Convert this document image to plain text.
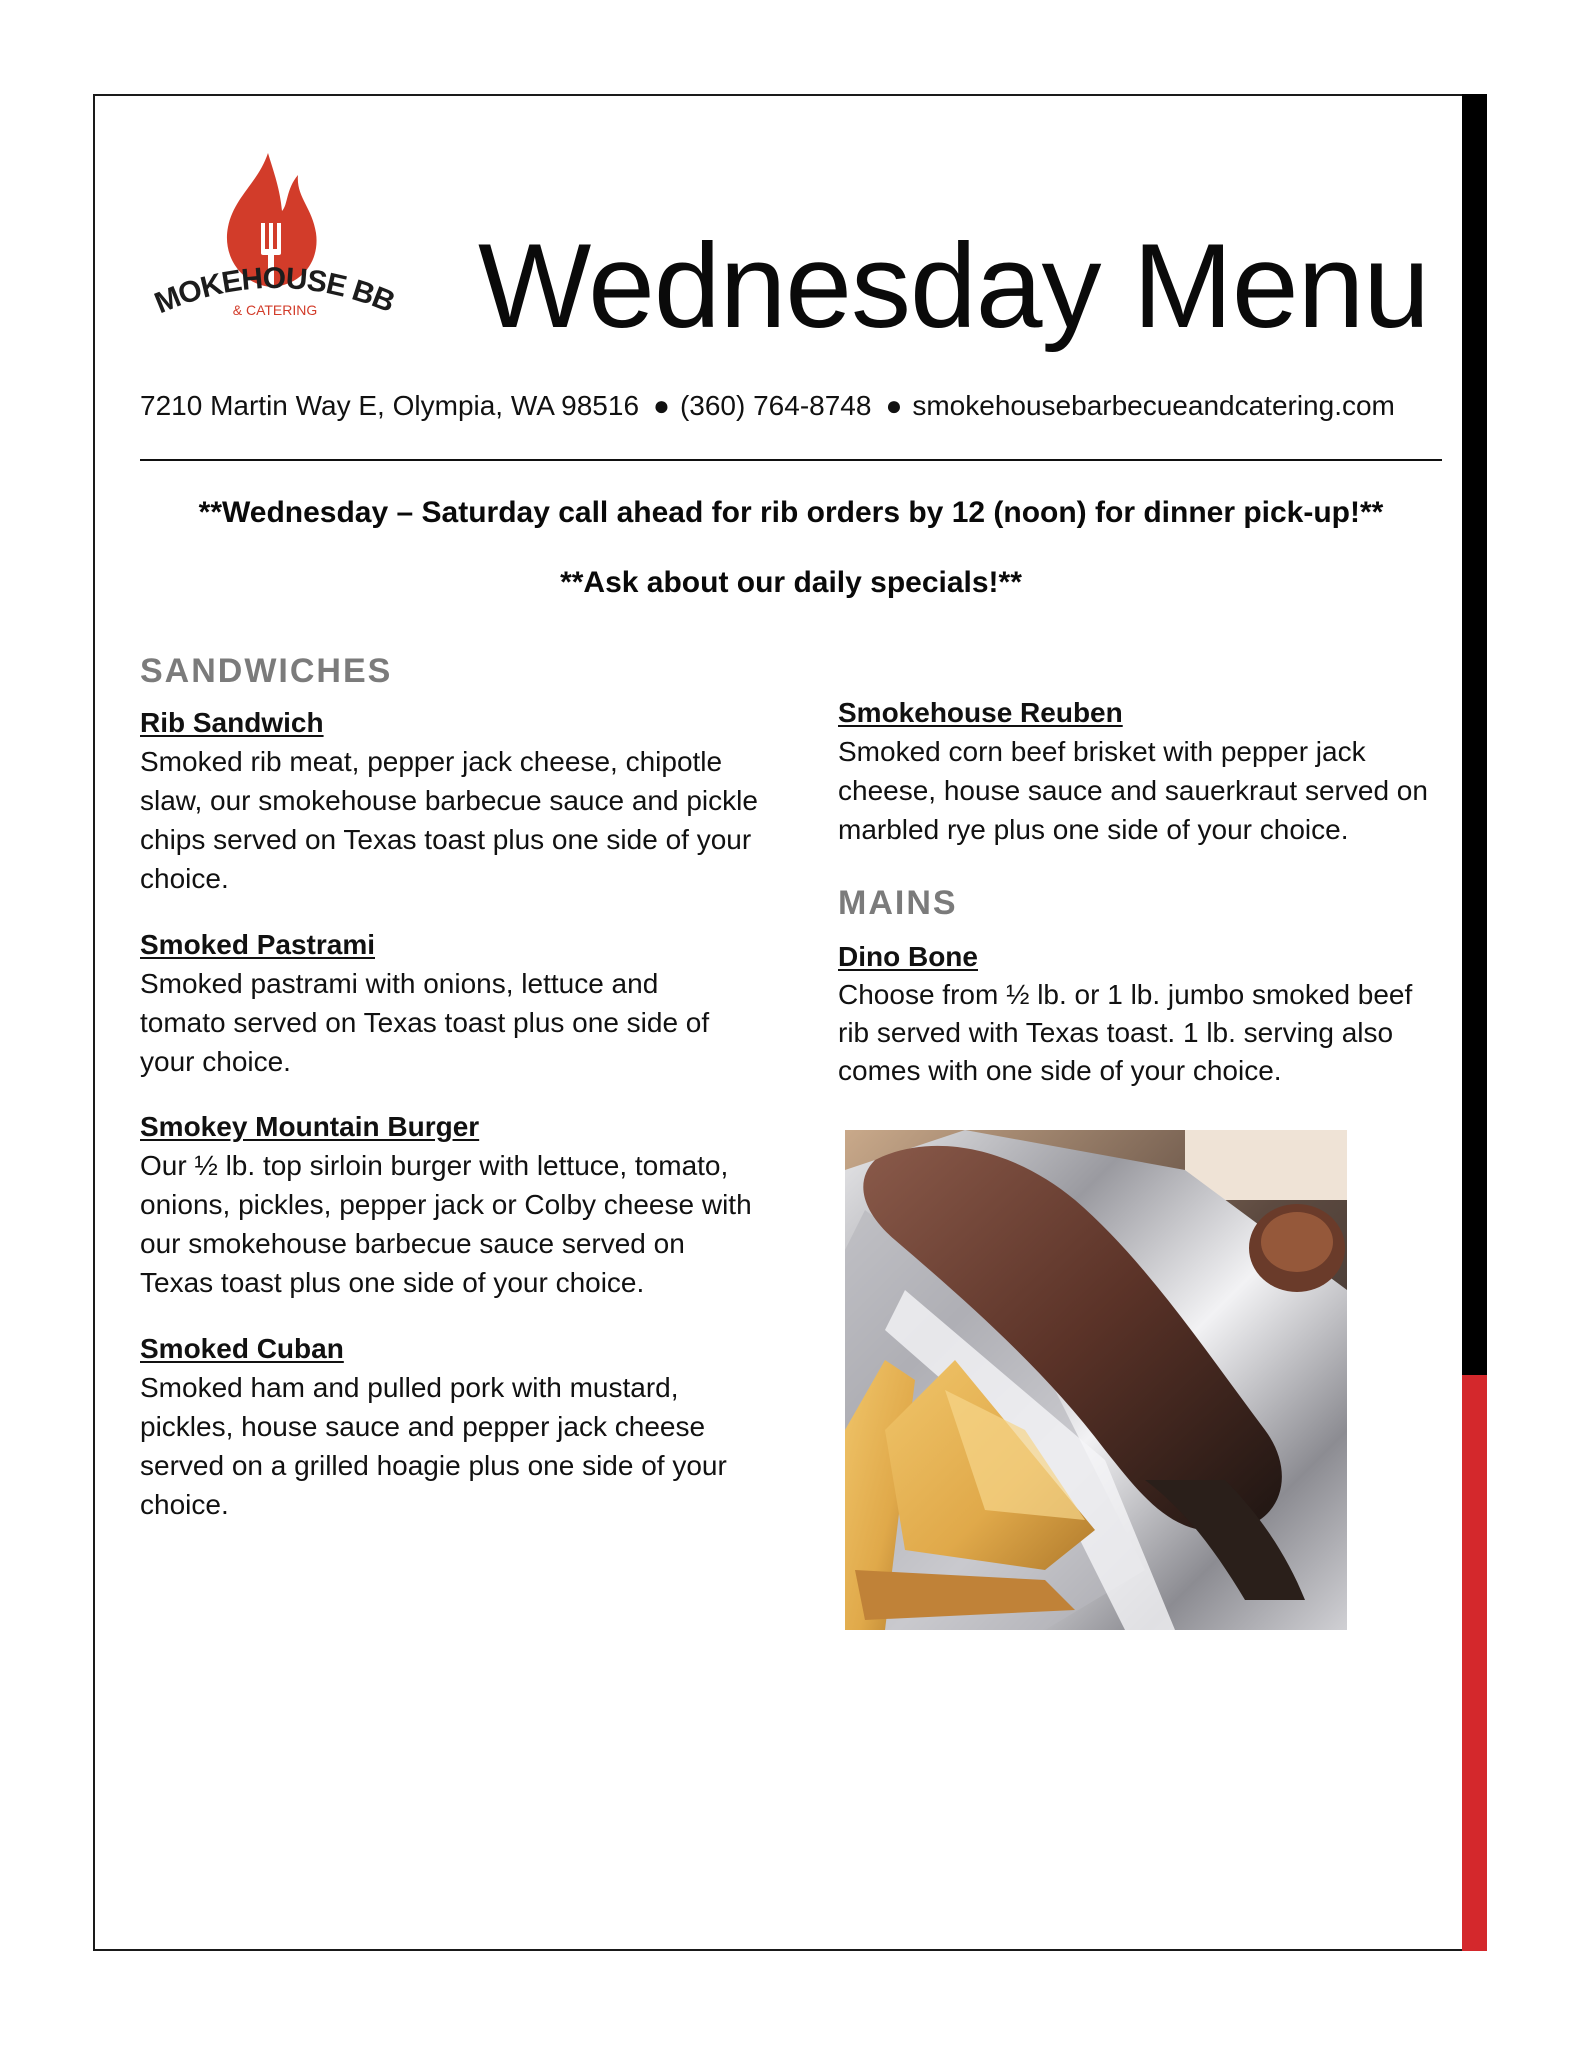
MOKEHOUSE BB
& CATERING Wednesday Menu
7210 Martin Way E, Olympia, WA 98516 ● (360) 764-8748 ● smokehousebarbecueandcatering.com
**Wednesday – Saturday call ahead for rib orders by 12 (noon) for dinner pick-up!**
**Ask about our daily specials!**
SANDWICHES
Rib Sandwich
Smoked rib meat, pepper jack cheese, chipotle slaw, our smokehouse barbecue sauce and pickle chips served on Texas toast plus one side of your choice.
Smoked Pastrami
Smoked pastrami with onions, lettuce and tomato served on Texas toast plus one side of your choice.
Smokey Mountain Burger
Our ½ lb. top sirloin burger with lettuce, tomato, onions, pickles, pepper jack or Colby cheese with our smokehouse barbecue sauce served on Texas toast plus one side of your choice.
Smoked Cuban
Smoked ham and pulled pork with mustard, pickles, house sauce and pepper jack cheese served on a grilled hoagie plus one side of your choice.
Smokehouse Reuben
Smoked corn beef brisket with pepper jack cheese, house sauce and sauerkraut served on marbled rye plus one side of your choice.
MAINS
Dino Bone
Choose from ½ lb. or 1 lb. jumbo smoked beef rib served with Texas toast. 1 lb. serving also comes with one side of your choice.
